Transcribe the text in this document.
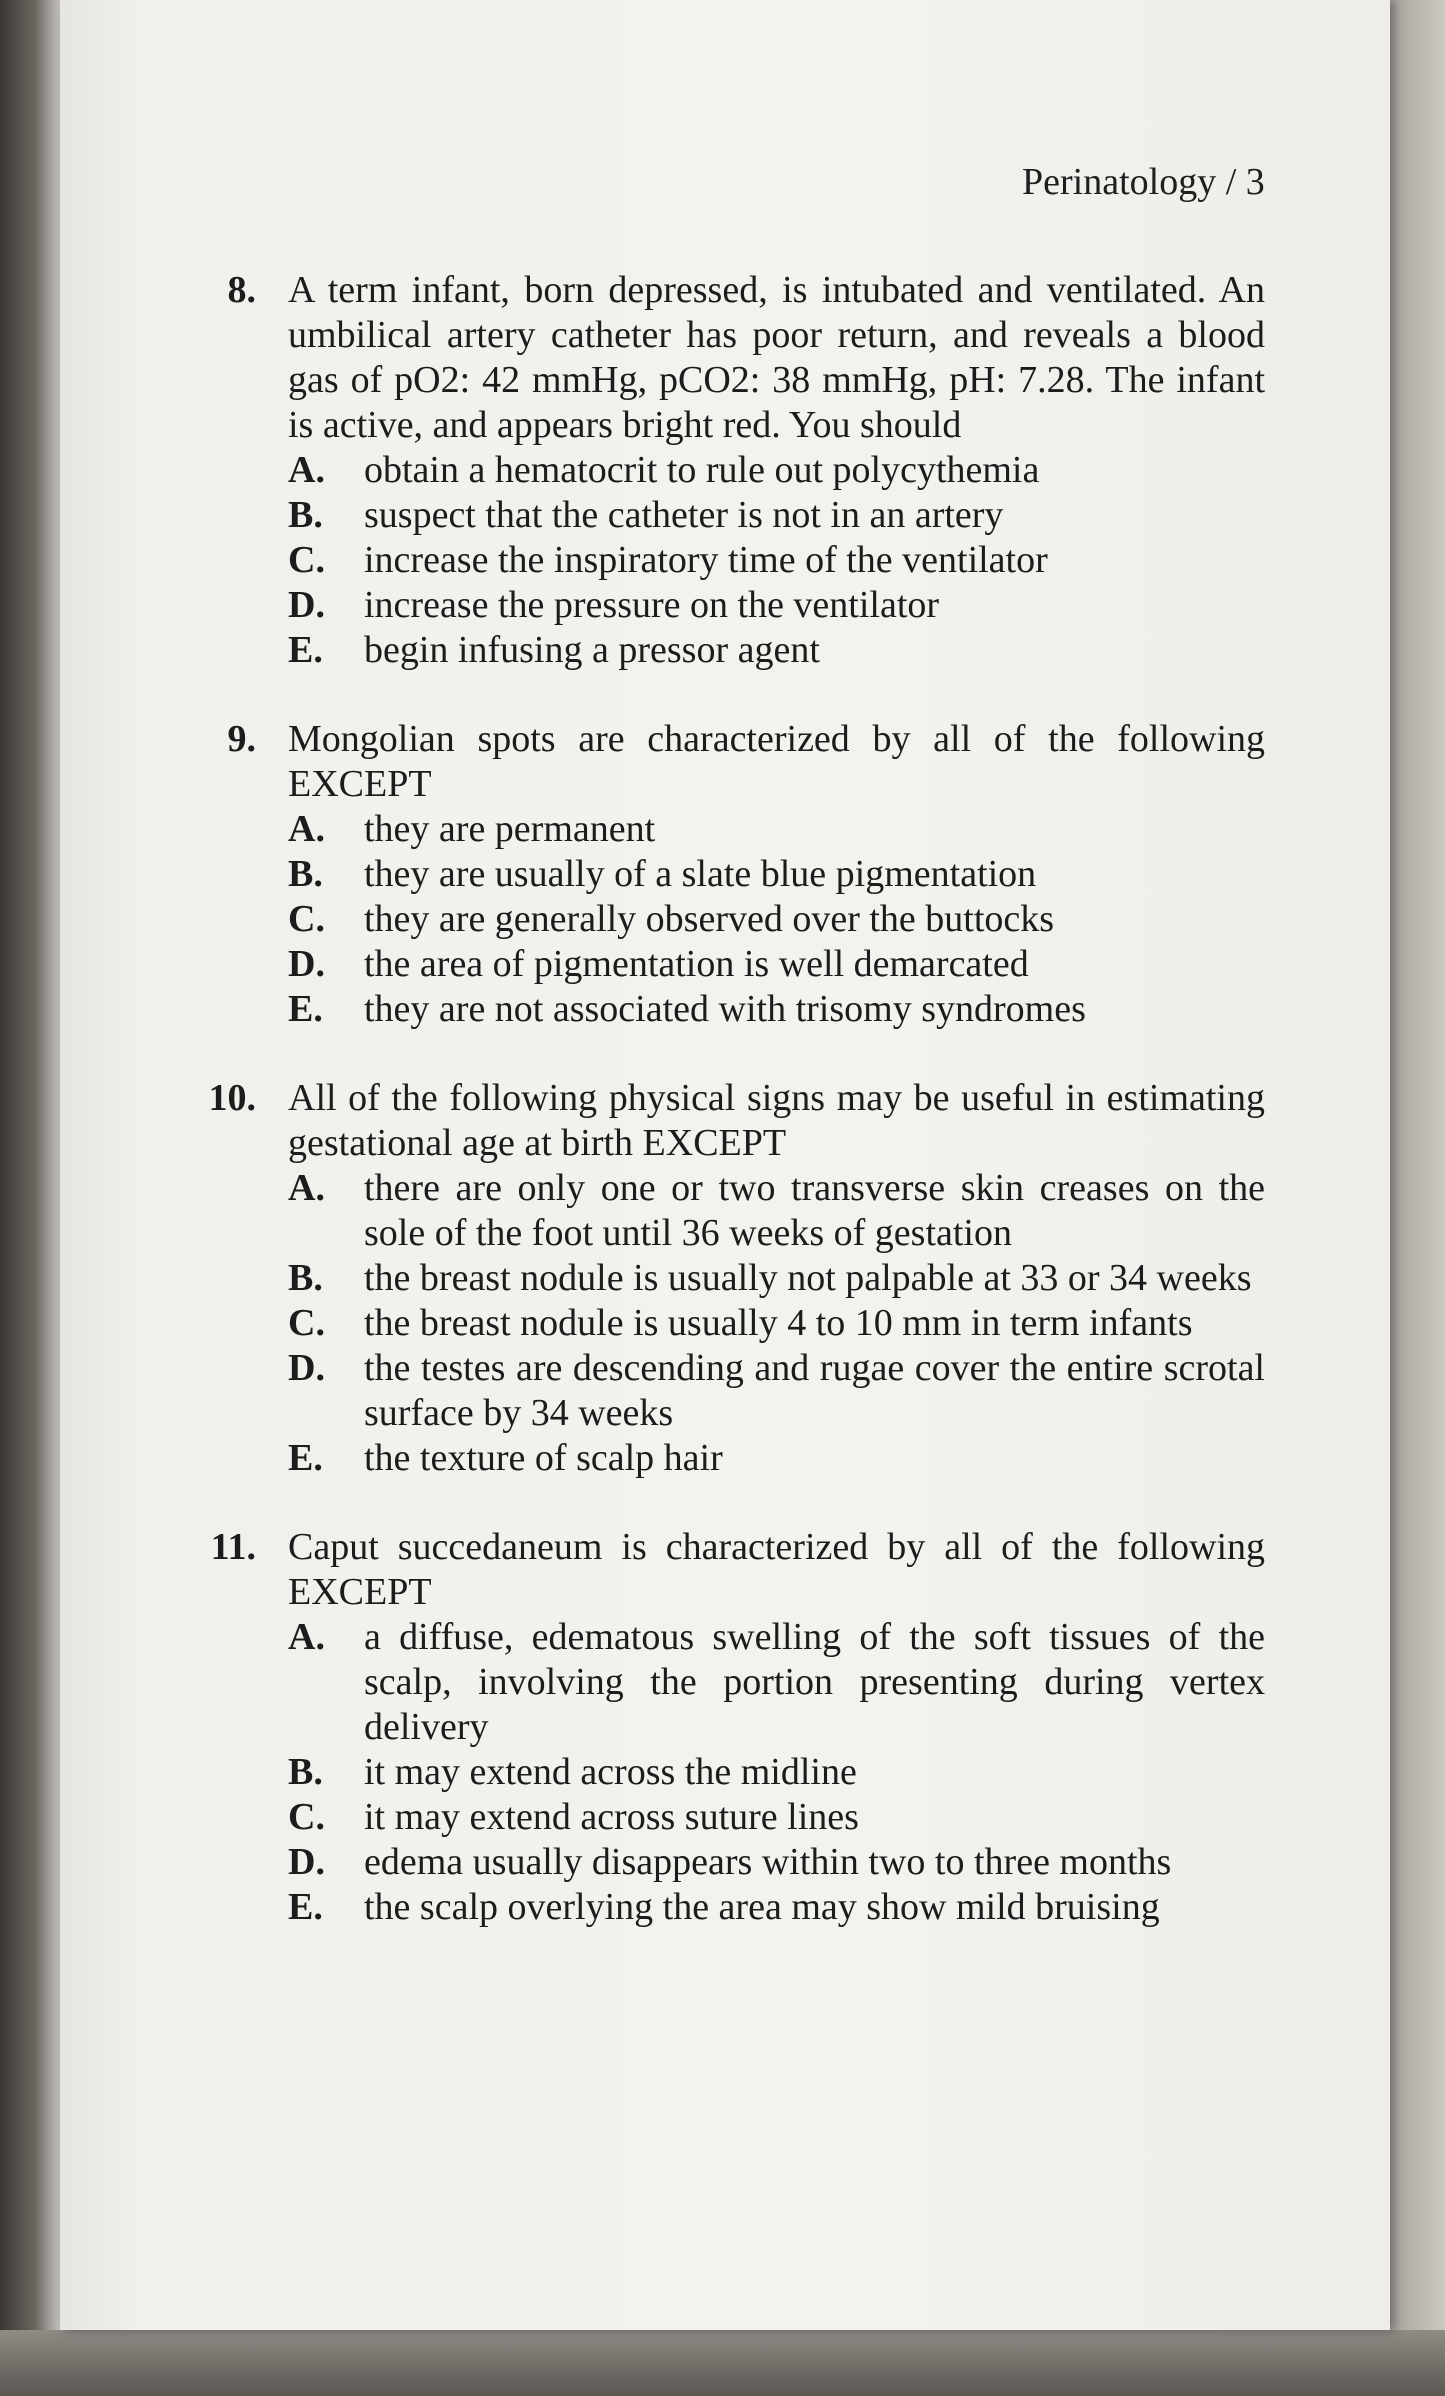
Perinatology / 3
8. A term infant, born depressed, is intubated and ventilated. An umbilical artery catheter has poor return, and reveals a blood gas of pO2: 42 mmHg, pCO2: 38 mmHg, pH: 7.28. The infant is active, and appears bright red. You should
A. obtain a hematocrit to rule out polycythemia
B. suspect that the catheter is not in an artery
C. increase the inspiratory time of the ventilator
D. increase the pressure on the ventilator
E. begin infusing a pressor agent
9. Mongolian spots are characterized by all of the following EXCEPT
A. they are permanent
B. they are usually of a slate blue pigmentation
C. they are generally observed over the buttocks
D. the area of pigmentation is well demarcated
E. they are not associated with trisomy syndromes
10. All of the following physical signs may be useful in estimating gestational age at birth EXCEPT
A. there are only one or two transverse skin creases on the sole of the foot until 36 weeks of gestation
B. the breast nodule is usually not palpable at 33 or 34 weeks
C. the breast nodule is usually 4 to 10 mm in term infants
D. the testes are descending and rugae cover the entire scrotal surface by 34 weeks
E. the texture of scalp hair
11. Caput succedaneum is characterized by all of the following EXCEPT
A. a diffuse, edematous swelling of the soft tissues of the scalp, involving the portion presenting during vertex delivery
B. it may extend across the midline
C. it may extend across suture lines
D. edema usually disappears within two to three months
E. the scalp overlying the area may show mild bruising
